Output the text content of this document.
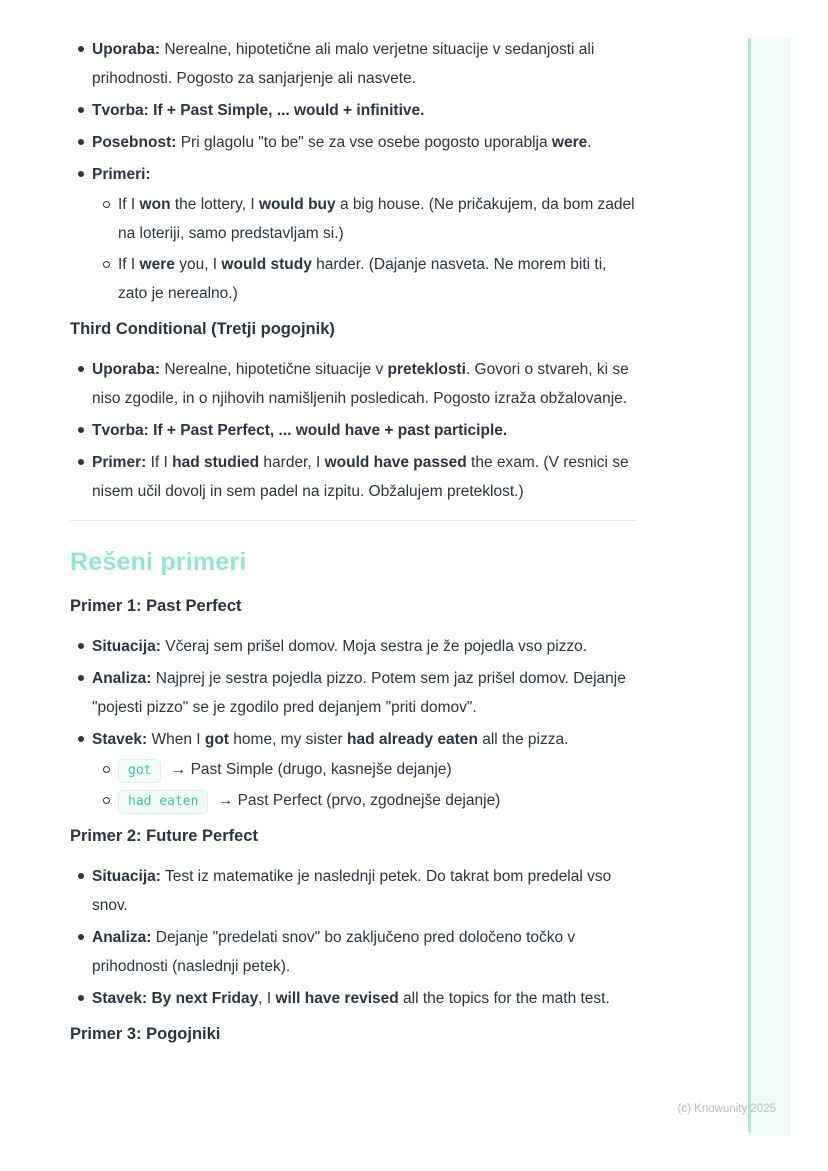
Uporaba: Nerealne, hipotetične ali malo verjetne situacije v sedanjosti ali prihodnosti. Pogosto za sanjarjenje ali nasvete.
Tvorba: If + Past Simple, ... would + infinitive.
Posebnost: Pri glagolu "to be" se za vse osebe pogosto uporablja were.
Primeri:
If I won the lottery, I would buy a big house. (Ne pričakujem, da bom zadel na loteriji, samo predstavljam si.)
If I were you, I would study harder. (Dajanje nasveta. Ne morem biti ti, zato je nerealno.)
Third Conditional (Tretji pogojnik)
Uporaba: Nerealne, hipotetične situacije v preteklosti. Govori o stvareh, ki se niso zgodile, in o njihovih namišljenih posledicah. Pogosto izraža obžalovanje.
Tvorba: If + Past Perfect, ... would have + past participle.
Primer: If I had studied harder, I would have passed the exam. (V resnici se nisem učil dovolj in sem padel na izpitu. Obžalujem preteklost.)
Rešeni primeri
Primer 1: Past Perfect
Situacija: Včeraj sem prišel domov. Moja sestra je že pojedla vso pizzo.
Analiza: Najprej je sestra pojedla pizzo. Potem sem jaz prišel domov. Dejanje "pojesti pizzo" se je zgodilo pred dejanjem "priti domov".
Stavek: When I got home, my sister had already eaten all the pizza.
got → Past Simple (drugo, kasnejše dejanje)
had eaten → Past Perfect (prvo, zgodnejše dejanje)
Primer 2: Future Perfect
Situacija: Test iz matematike je naslednji petek. Do takrat bom predelal vso snov.
Analiza: Dejanje "predelati snov" bo zaključeno pred določeno točko v prihodnosti (naslednji petek).
Stavek: By next Friday, I will have revised all the topics for the math test.
Primer 3: Pogojniki
(c) Knowunity 2025
